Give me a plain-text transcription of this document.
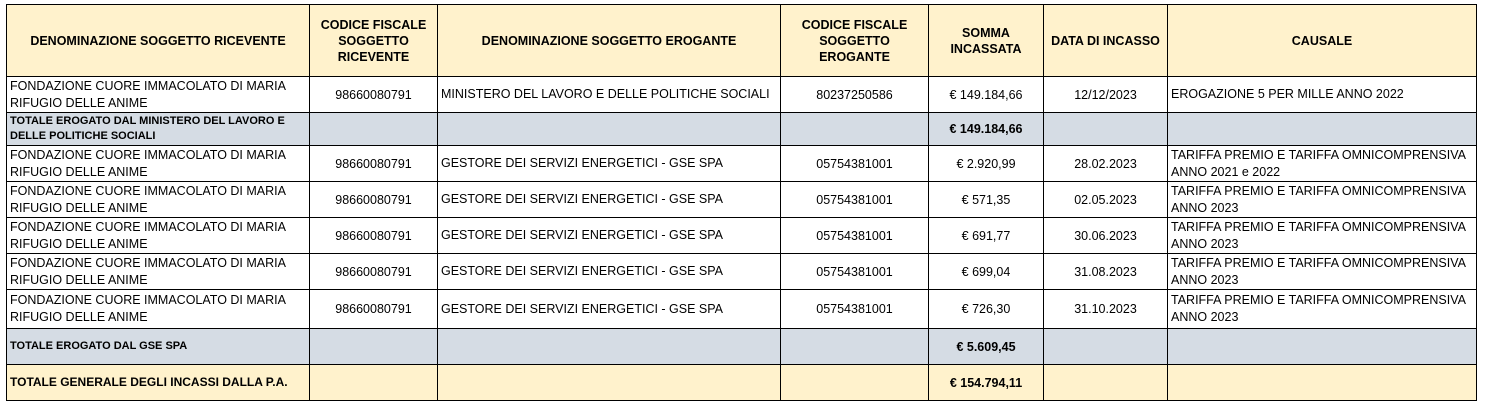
DENOMINAZIONE SOGGETTO RICEVENTE	CODICE FISCALE SOGGETTO RICEVENTE	DENOMINAZIONE SOGGETTO EROGANTE	CODICE FISCALE SOGGETTO EROGANTE	SOMMA INCASSATA	DATA DI INCASSO	CAUSALE
FONDAZIONE CUORE IMMACOLATO DI MARIA RIFUGIO DELLE ANIME	98660080791	MINISTERO DEL LAVORO E DELLE POLITICHE SOCIALI	80237250586	€ 149.184,66	12/12/2023	EROGAZIONE 5 PER MILLE ANNO 2022
TOTALE EROGATO DAL MINISTERO DEL LAVORO E DELLE POLITICHE SOCIALI				€ 149.184,66		
FONDAZIONE CUORE IMMACOLATO DI MARIA RIFUGIO DELLE ANIME	98660080791	GESTORE DEI SERVIZI ENERGETICI - GSE SPA	05754381001	€ 2.920,99	28.02.2023	TARIFFA PREMIO E TARIFFA OMNICOMPRENSIVA ANNO 2021 e 2022
FONDAZIONE CUORE IMMACOLATO DI MARIA RIFUGIO DELLE ANIME	98660080791	GESTORE DEI SERVIZI ENERGETICI - GSE SPA	05754381001	€ 571,35	02.05.2023	TARIFFA PREMIO E TARIFFA OMNICOMPRENSIVA ANNO 2023
FONDAZIONE CUORE IMMACOLATO DI MARIA RIFUGIO DELLE ANIME	98660080791	GESTORE DEI SERVIZI ENERGETICI - GSE SPA	05754381001	€ 691,77	30.06.2023	TARIFFA PREMIO E TARIFFA OMNICOMPRENSIVA ANNO 2023
FONDAZIONE CUORE IMMACOLATO DI MARIA RIFUGIO DELLE ANIME	98660080791	GESTORE DEI SERVIZI ENERGETICI - GSE SPA	05754381001	€ 699,04	31.08.2023	TARIFFA PREMIO E TARIFFA OMNICOMPRENSIVA ANNO 2023
FONDAZIONE CUORE IMMACOLATO DI MARIA RIFUGIO DELLE ANIME	98660080791	GESTORE DEI SERVIZI ENERGETICI - GSE SPA	05754381001	€ 726,30	31.10.2023	TARIFFA PREMIO E TARIFFA OMNICOMPRENSIVA ANNO 2023
TOTALE EROGATO DAL GSE SPA				€ 5.609,45		
TOTALE GENERALE DEGLI INCASSI DALLA P.A.				€ 154.794,11		
